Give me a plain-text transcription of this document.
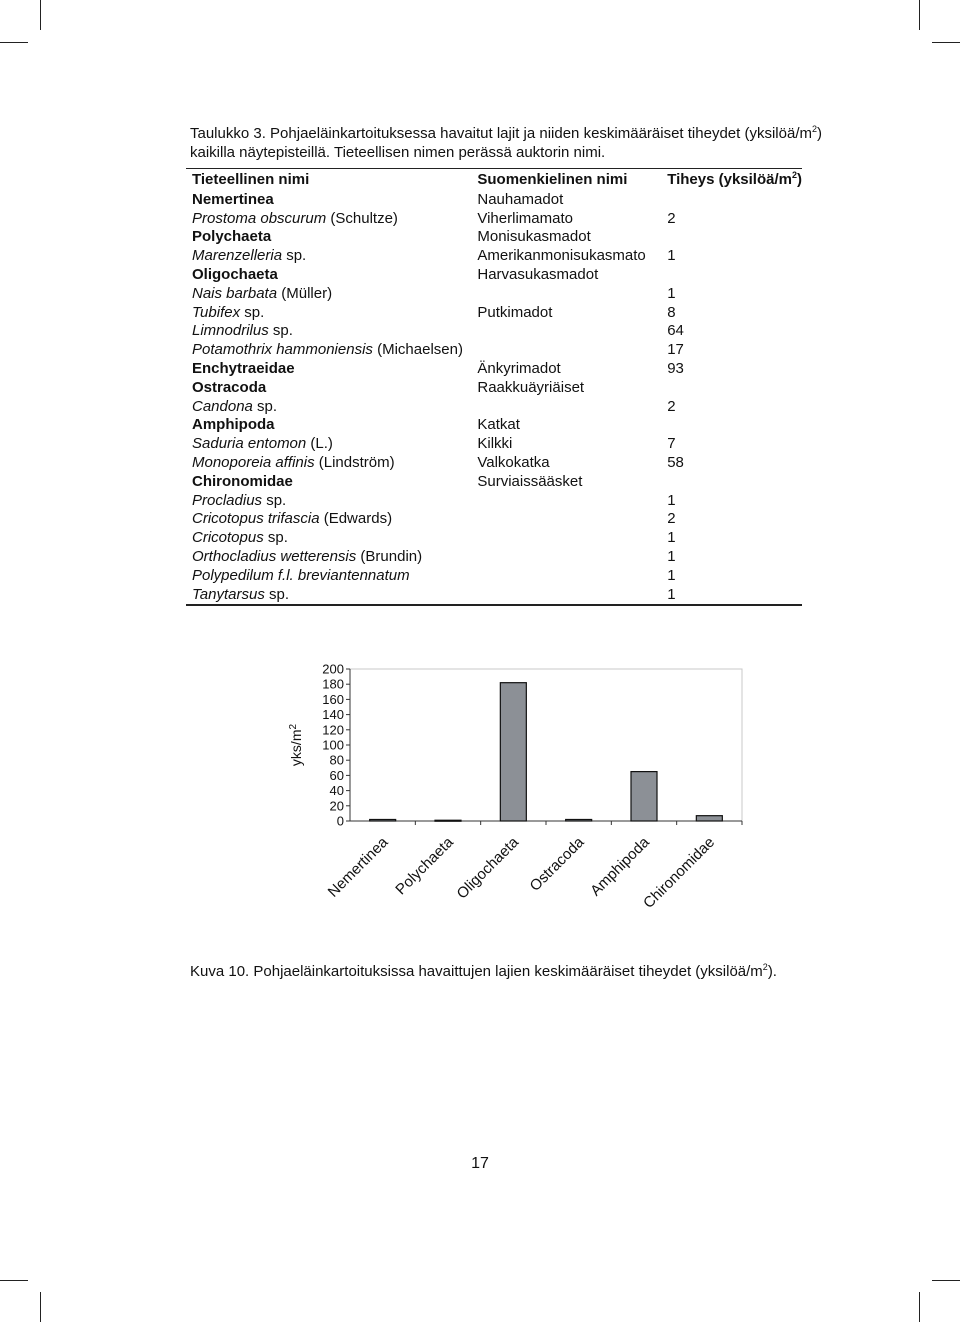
Taulukko 3. Pohjaeläinkartoituksessa havaitut lajit ja niiden keskimääräiset tiheydet $(yksilöä/m^2)$
kaikilla näytepisteillä. Tieteellisen nimen perässä auktorin nimi.
Tieteellinen nimi	Suomenkielinen nimi	Tiheys $(yksilöä/m^2)$
Nemertinea	Nauhamadot	
Prostoma obscurum (Schultze)	Viherlimamato	2
Polychaeta	Monisukasmadot	
Marenzelleria sp.	Amerikanmonisukasmato	1
Oligochaeta	Harvasukasmadot	
Nais barbata (Müller)		1
Tubifex sp.	Putkimadot	8
Limnodrilus sp.		64
Potamothrix hammoniensis (Michaelsen)		17
Enchytraeidae	Änkyrimadot	93
Ostracoda	Raakkuäyriäiset	
Candona sp.		2
Amphipoda	Katkat	
Saduria entomon (L.)	Kilkki	7
Monoporeia affinis (Lindström)	Valkokatka	58
Chironomidae	Surviaissääsket	
Procladius sp.		1
Cricotopus trifascia (Edwards)		2
Cricotopus sp.		1
Orthocladius wetterensis (Brundin)		1
Polypedilum f.l. breviantennatum		1
Tanytarsus sp.		1
0
20
40
60
80
100
120
140
160
180
200
yks/$m^2$
Nemertinea Polychaeta
Oligochaeta Ostracoda Amphipoda
Chironomidae
Kuva 10. Pohjaeläinkartoituksissa havaittujen lajien keskimääräiset tiheydet $(yksilöä/m^2)$.
17
